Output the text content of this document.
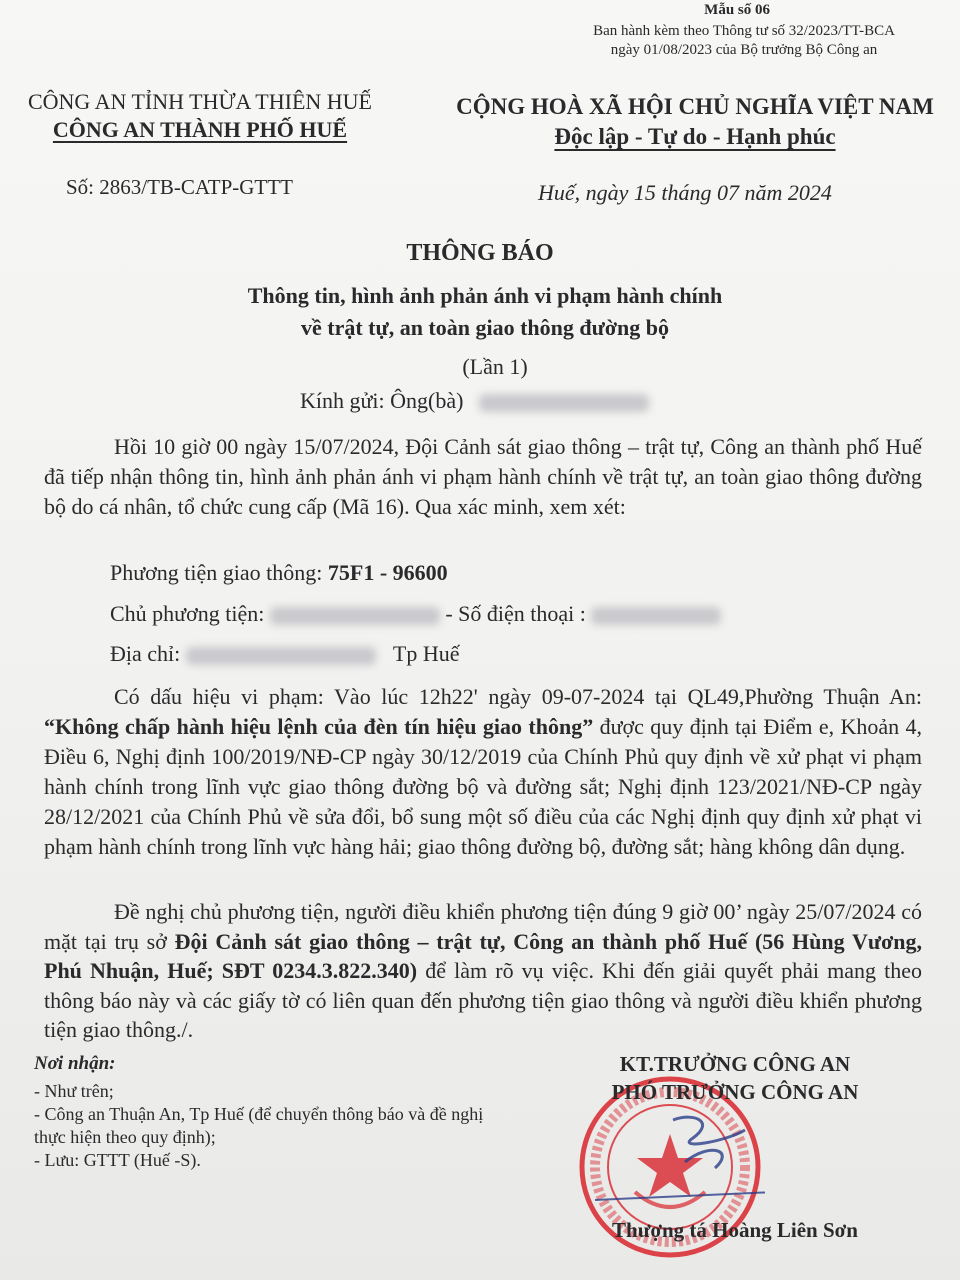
Mẫu số 06
Ban hành kèm theo Thông tư số 32/2023/TT-BCA
ngày 01/08/2023 của Bộ trưởng Bộ Công an
CÔNG AN TỈNH THỪA THIÊN HUẾ
CÔNG AN THÀNH PHỐ HUẾ
CỘNG HOÀ XÃ HỘI CHỦ NGHĨA VIỆT NAM
Độc lập - Tự do - Hạnh phúc
Số: 2863/TB-CATP-GTTT	Huế, ngày 15 tháng 07 năm 2024
THÔNG BÁO
Thông tin, hình ảnh phản ánh vi phạm hành chính
về trật tự, an toàn giao thông đường bộ
(Lần 1)
Kính gửi: Ông(bà)
Hồi 10 giờ 00 ngày 15/07/2024, Đội Cảnh sát giao thông – trật tự, Công an thành phố Huế đã tiếp nhận thông tin, hình ảnh phản ánh vi phạm hành chính về trật tự, an toàn giao thông đường bộ do cá nhân, tổ chức cung cấp (Mã 16). Qua xác minh, xem xét:
Phương tiện giao thông: 75F1 - 96600
Chủ phương tiện:	- Số điện thoại :
Địa chỉ:	Tp Huế
Có dấu hiệu vi phạm: Vào lúc 12h22' ngày 09-07-2024 tại QL49,Phường Thuận An: “Không chấp hành hiệu lệnh của đèn tín hiệu giao thông” được quy định tại Điểm e, Khoản 4, Điều 6, Nghị định 100/2019/NĐ-CP ngày 30/12/2019 của Chính Phủ quy định về xử phạt vi phạm hành chính trong lĩnh vực giao thông đường bộ và đường sắt; Nghị định 123/2021/NĐ-CP ngày 28/12/2021 của Chính Phủ về sửa đổi, bổ sung một số điều của các Nghị định quy định xử phạt vi phạm hành chính trong lĩnh vực hàng hải; giao thông đường bộ, đường sắt; hàng không dân dụng.
Đề nghị chủ phương tiện, người điều khiển phương tiện đúng 9 giờ 00’ ngày 25/07/2024 có mặt tại trụ sở Đội Cảnh sát giao thông – trật tự, Công an thành phố Huế (56 Hùng Vương, Phú Nhuận, Huế; SĐT 0234.3.822.340) để làm rõ vụ việc. Khi đến giải quyết phải mang theo thông báo này và các giấy tờ có liên quan đến phương tiện giao thông và người điều khiển phương tiện giao thông./.
Nơi nhận:
- Như trên;
- Công an Thuận An, Tp Huế (để chuyển thông báo và đề nghị thực hiện theo quy định);
- Lưu: GTTT (Huế -S).
KT.TRƯỞNG CÔNG AN
PHÓ TRƯỞNG CÔNG AN
Thượng tá Hoàng Liên Sơn
